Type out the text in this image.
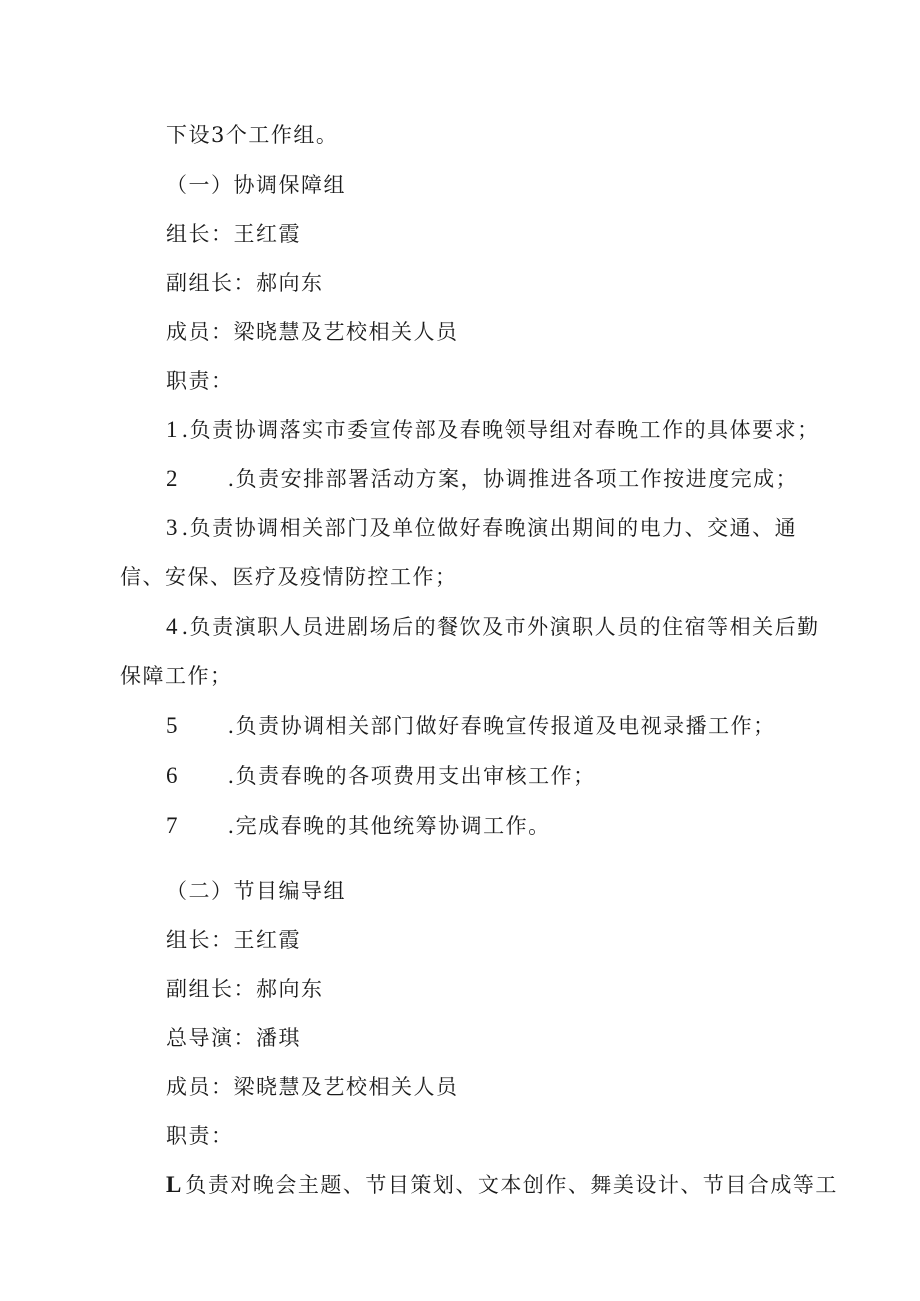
下设3个工作组。
（一）协调保障组
组长：王红霞
副组长：郝向东
成员：梁晓慧及艺校相关人员
职责：
1 .负责协调落实市委宣传部及春晚领导组对春晚工作的具体要求；
2 .负责安排部署活动方案，协调推进各项工作按进度完成；
3 .负责协调相关部门及单位做好春晚演出期间的电力、交通、通
信、安保、医疗及疫情防控工作；
4 .负责演职人员进剧场后的餐饮及市外演职人员的住宿等相关后勤
保障工作；
5 .负责协调相关部门做好春晚宣传报道及电视录播工作；
6 .负责春晚的各项费用支出审核工作；
7 .完成春晚的其他统筹协调工作。
（二）节目编导组
组长：王红霞
副组长：郝向东
总导演：潘琪
成员：梁晓慧及艺校相关人员
职责：
L 负责对晚会主题、节目策划、文本创作、舞美设计、节目合成等工
